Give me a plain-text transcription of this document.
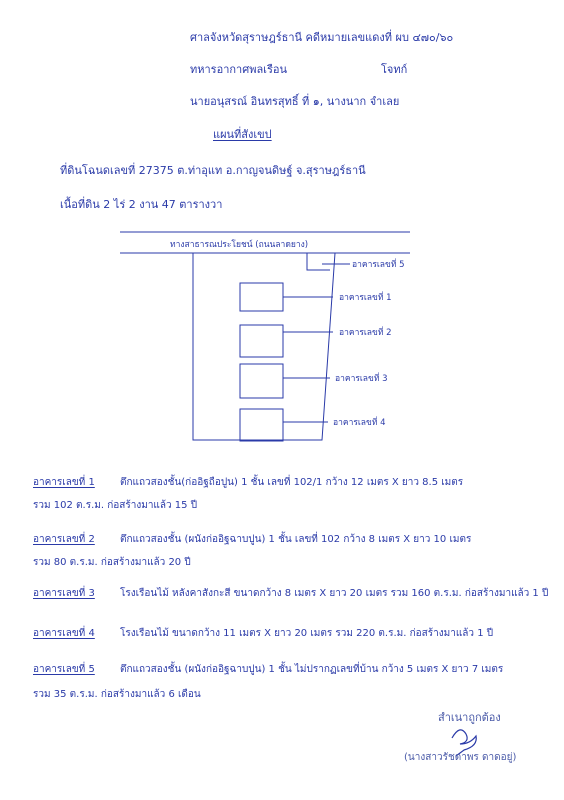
ศาลจังหวัดสุราษฎร์ธานี คดีหมายเลขแดงที่ ผบ ๔๗๐/๖๐
ทหารอากาศพลเรือน	โจทก์
นายอนุสรณ์ อินทรสุทธิ์ ที่ ๑, นางนาก จำเลย
แผนที่สังเขป
ที่ดินโฉนดเลขที่ 27375 ต.ท่าอุแท อ.กาญจนดิษฐ์ จ.สุราษฎร์ธานี
เนื้อที่ดิน 2 ไร่ 2 งาน 47 ตารางวา
ทางสาธารณประโยชน์ (ถนนลาดยาง)
อาคารเลขที่ 5
อาคารเลขที่ 1
อาคารเลขที่ 2
อาคารเลขที่ 3
อาคารเลขที่ 4
อาคารเลขที่ 1	ตึกแถวสองชั้น(ก่ออิฐถือปูน) 1 ชั้น เลขที่ 102/1 กว้าง 12 เมตร X ยาว 8.5 เมตร
รวม 102 ต.ร.ม. ก่อสร้างมาแล้ว 15 ปี
อาคารเลขที่ 2	ตึกแถวสองชั้น (ผนังก่ออิฐฉาบปูน) 1 ชั้น เลขที่ 102 กว้าง 8 เมตร X ยาว 10 เมตร
รวม 80 ต.ร.ม. ก่อสร้างมาแล้ว 20 ปี
อาคารเลขที่ 3	โรงเรือนไม้ หลังคาสังกะสี ขนาดกว้าง 8 เมตร X ยาว 20 เมตร รวม 160 ต.ร.ม. ก่อสร้างมาแล้ว 1 ปี
อาคารเลขที่ 4	โรงเรือนไม้ ขนาดกว้าง 11 เมตร X ยาว 20 เมตร รวม 220 ต.ร.ม. ก่อสร้างมาแล้ว 1 ปี
อาคารเลขที่ 5	ตึกแถวสองชั้น (ผนังก่ออิฐฉาบปูน) 1 ชั้น ไม่ปรากฏเลขที่บ้าน กว้าง 5 เมตร X ยาว 7 เมตร
รวม 35 ต.ร.ม. ก่อสร้างมาแล้ว 6 เดือน
สำเนาถูกต้อง
(นางสาวรัชดาพร ดาดอยู่)
